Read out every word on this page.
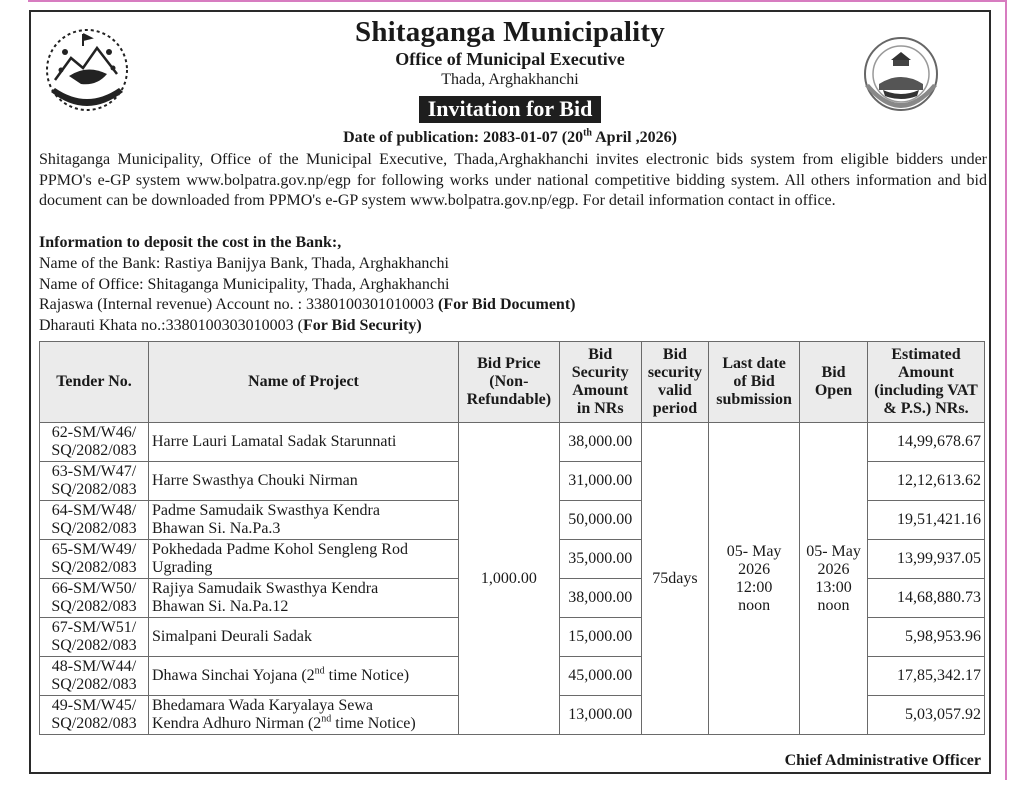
Shitaganga Municipality
Office of Municipal Executive
Thada, Arghakhanchi
Invitation for Bid
Date of publication: 2083-01-07 (20th April ,2026)
Shitaganga Municipality, Office of the Municipal Executive, Thada,Arghakhanchi invites electronic bids system from eligible bidders under PPMO's e-GP system www.bolpatra.gov.np/egp for following works under national competitive bidding system. All others information and bid document can be downloaded from PPMO's e-GP system www.bolpatra.gov.np/egp. For detail information contact in office.
Information to deposit the cost in the Bank:,
Name of the Bank: Rastiya Banijya Bank, Thada, Arghakhanchi
Name of Office: Shitaganga Municipality, Thada, Arghakhanchi
Rajaswa (Internal revenue) Account no. : 3380100301010003 (For Bid Document)
Dharauti Khata no.:3380100303010003 (For Bid Security)
Tender No.	Name of Project	Bid Price
(Non-
Refundable)	Bid
Security
Amount
in NRs	Bid
security
valid
period	Last date
of Bid
submission	Bid
Open	Estimated
Amount
(including VAT
& P.S.) NRs.
62-SM/W46/
SQ/2082/083	Harre Lauri Lamatal Sadak Starunnati	1,000.00	38,000.00	75days	05- May
2026
12:00
noon	05- May
2026
13:00
noon	14,99,678.67
63-SM/W47/
SQ/2082/083	Harre Swasthya Chouki Nirman		31,000.00				12,12,613.62
64-SM/W48/
SQ/2082/083	Padme Samudaik Swasthya Kendra
Bhawan Si. Na.Pa.3		50,000.00				19,51,421.16
65-SM/W49/
SQ/2082/083	Pokhedada Padme Kohol Sengleng Rod
Ugrading		35,000.00				13,99,937.05
66-SM/W50/
SQ/2082/083	Rajiya Samudaik Swasthya Kendra
Bhawan Si. Na.Pa.12		38,000.00				14,68,880.73
67-SM/W51/
SQ/2082/083	Simalpani Deurali Sadak		15,000.00				5,98,953.96
48-SM/W44/
SQ/2082/083	Dhawa Sinchai Yojana (2nd time Notice)		45,000.00				17,85,342.17
49-SM/W45/
SQ/2082/083	Bhedamara Wada Karyalaya Sewa
Kendra Adhuro Nirman (2nd time Notice)		13,000.00				5,03,057.92
Chief Administrative Officer
